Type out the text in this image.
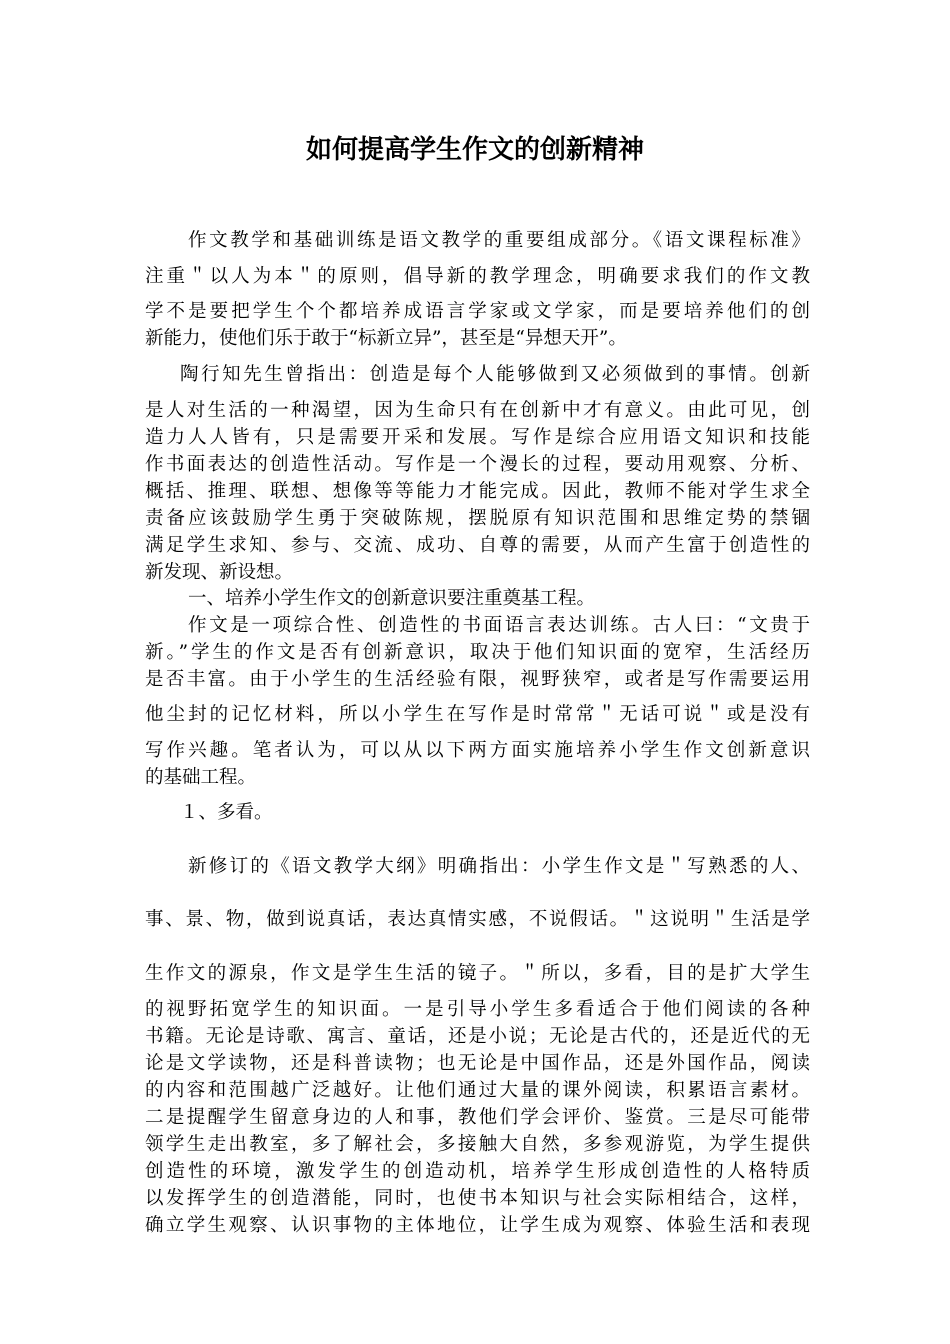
如何提高学生作文的创新精神
作文教学和基础训练是语文教学的重要组成部分。《语文课程标准》
注重＂以人为本＂的原则，倡导新的教学理念，明确要求我们的作文教
学不是要把学生个个都培养成语言学家或文学家，而是要培养他们的创
新能力，使他们乐于敢于“标新立异”，甚至是“异想天开”。
陶行知先生曾指出：创造是每个人能够做到又必须做到的事情。创新
是人对生活的一种渴望，因为生命只有在创新中才有意义。由此可见，创
造力人人皆有，只是需要开采和发展。写作是综合应用语文知识和技能
作书面表达的创造性活动。写作是一个漫长的过程，要动用观察、分析、
概括、推理、联想、想像等等能力才能完成。因此，教师不能对学生求全
责备应该鼓励学生勇于突破陈规，摆脱原有知识范围和思维定势的禁锢
满足学生求知、参与、交流、成功、自尊的需要，从而产生富于创造性的
新发现、新设想。
一、培养小学生作文的创新意识要注重奠基工程。
作文是一项综合性、创造性的书面语言表达训练。古人曰：“文贵于
新。”学生的作文是否有创新意识，取决于他们知识面的宽窄，生活经历
是否丰富。由于小学生的生活经验有限，视野狭窄，或者是写作需要运用
他尘封的记忆材料，所以小学生在写作是时常常＂无话可说＂或是没有
写作兴趣。笔者认为，可以从以下两方面实施培养小学生作文创新意识
的基础工程。
１、多看。
新修订的《语文教学大纲》明确指出：小学生作文是＂写熟悉的人、
事、景、物，做到说真话，表达真情实感，不说假话。＂这说明＂生活是学
生作文的源泉，作文是学生生活的镜子。＂所以，多看，目的是扩大学生
的视野拓宽学生的知识面。一是引导小学生多看适合于他们阅读的各种
书籍。无论是诗歌、寓言、童话，还是小说；无论是古代的，还是近代的无
论是文学读物，还是科普读物；也无论是中国作品，还是外国作品，阅读
的内容和范围越广泛越好。让他们通过大量的课外阅读，积累语言素材。
二是提醒学生留意身边的人和事，教他们学会评价、鉴赏。三是尽可能带
领学生走出教室，多了解社会，多接触大自然，多参观游览，为学生提供
创造性的环境，激发学生的创造动机，培养学生形成创造性的人格特质
以发挥学生的创造潜能，同时，也使书本知识与社会实际相结合，这样，
确立学生观察、认识事物的主体地位，让学生成为观察、体验生活和表现
